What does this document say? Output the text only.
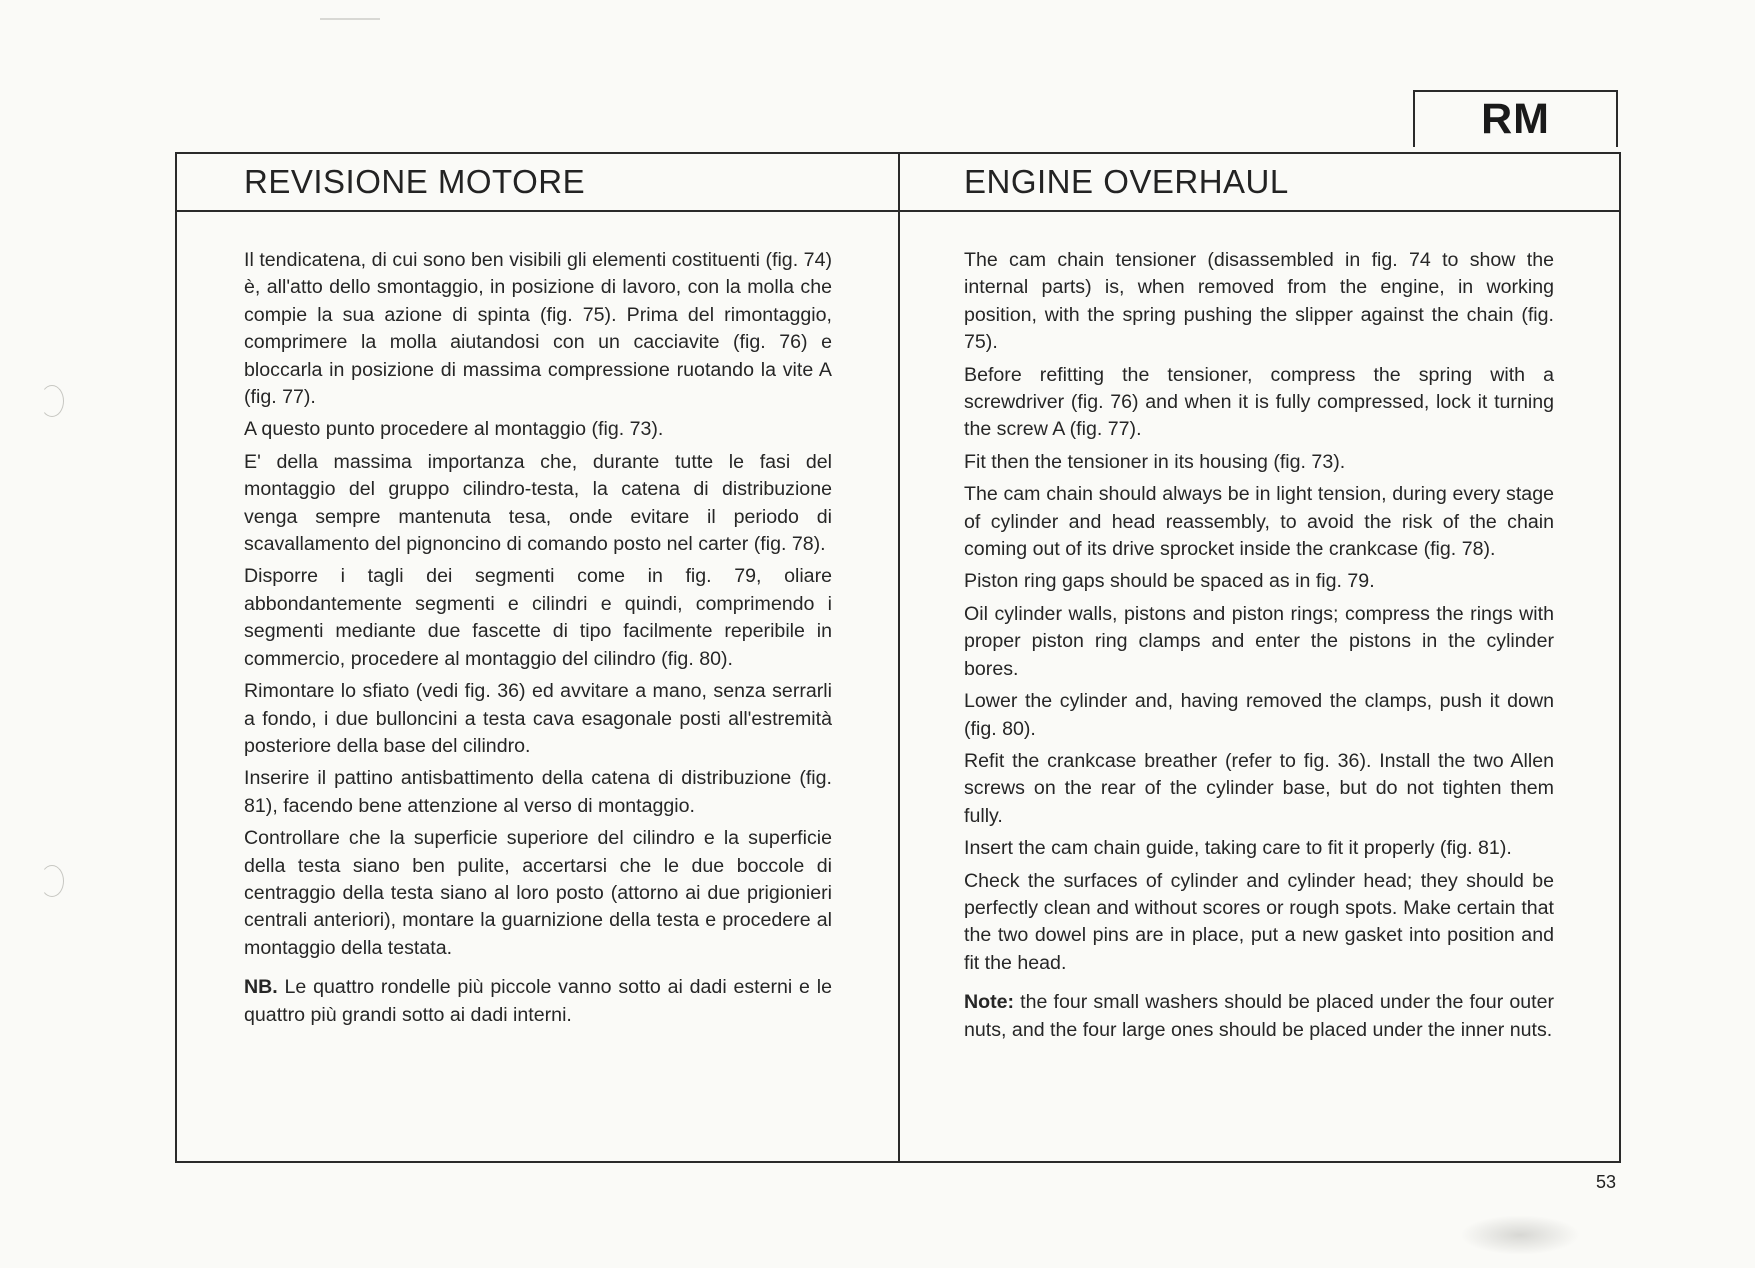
RM
REVISIONE MOTORE	ENGINE OVERHAUL

Il tendicatena, di cui sono ben visibili gli elementi costituenti (fig. 74) è, all'atto dello smontaggio, in posizione di lavoro, con la molla che compie la sua azione di spinta (fig. 75). Prima del rimontaggio, comprimere la molla aiutandosi con un cacciavite (fig. 76) e bloccarla in posizione di massima compressione ruotando la vite A (fig. 77).

A questo punto procedere al montaggio (fig. 73).

E' della massima importanza che, durante tutte le fasi del montaggio del gruppo cilindro-testa, la catena di distribuzione venga sempre mantenuta tesa, onde evitare il periodo di scavallamento del pignoncino di comando posto nel carter (fig. 78).

Disporre i tagli dei segmenti come in fig. 79, oliare abbondantemente segmenti e cilindri e quindi, comprimendo i segmenti mediante due fascette di tipo facilmente reperibile in commercio, procedere al montaggio del cilindro (fig. 80).

Rimontare lo sfiato (vedi fig. 36) ed avvitare a mano, senza serrarli a fondo, i due bulloncini a testa cava esagonale posti all'estremità posteriore della base del cilindro.

Inserire il pattino antisbattimento della catena di distribuzione (fig. 81), facendo bene attenzione al verso di montaggio.

Controllare che la superficie superiore del cilindro e la superficie della testa siano ben pulite, accertarsi che le due boccole di centraggio della testa siano al loro posto (attorno ai due prigionieri centrali anteriori), montare la guarnizione della testa e procedere al montaggio della testata.

NB. Le quattro rondelle più piccole vanno sotto ai dadi esterni e le quattro più grandi sotto ai dadi interni.

The cam chain tensioner (disassembled in fig. 74 to show the internal parts) is, when removed from the engine, in working position, with the spring pushing the slipper against the chain (fig. 75).

Before refitting the tensioner, compress the spring with a screwdriver (fig. 76) and when it is fully compressed, lock it turning the screw A (fig. 77).

Fit then the tensioner in its housing (fig. 73).

The cam chain should always be in light tension, during every stage of cylinder and head reassembly, to avoid the risk of the chain coming out of its drive sprocket inside the crankcase (fig. 78).

Piston ring gaps should be spaced as in fig. 79.

Oil cylinder walls, pistons and piston rings; compress the rings with proper piston ring clamps and enter the pistons in the cylinder bores.

Lower the cylinder and, having removed the clamps, push it down (fig. 80).

Refit the crankcase breather (refer to fig. 36). Install the two Allen screws on the rear of the cylinder base, but do not tighten them fully.

Insert the cam chain guide, taking care to fit it properly (fig. 81).

Check the surfaces of cylinder and cylinder head; they should be perfectly clean and without scores or rough spots. Make certain that the two dowel pins are in place, put a new gasket into position and fit the head.

Note: the four small washers should be placed under the four outer nuts, and the four large ones should be placed under the inner nuts.

53
